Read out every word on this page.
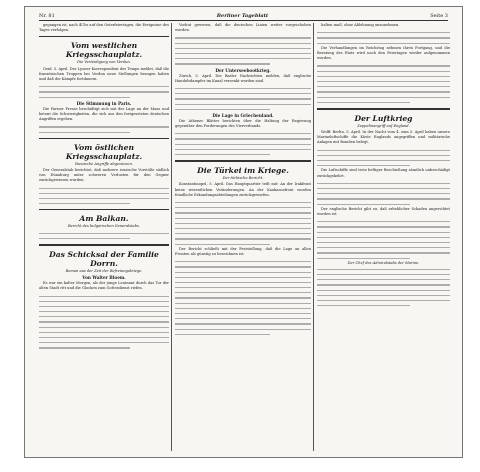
Nr. 81	Berliner Tageblatt	Seite 3

gegangen ist, nach 4Uhr auf den Osterfeiertagen, die Ereignisse des Tages verfolgen.

Vom westlichen Kriegsschauplatz.
Die Verteidigung von Verdun.

Genf, 5. April. Der Lyoner Korrespondent des Temps meldet, daß die französischen Truppen bei Verdun neue Stellungen bezogen haben und daß die Kämpfe fortdauern.

Die Stimmung in Paris.

Die Pariser Presse beschäftigt sich mit der Lage an der Maas und betont die Schwierigkeiten, die sich aus den fortgesetzten deutschen Angriffen ergeben.

Vom östlichen Kriegsschauplatz.
Russische Angriffe abgewiesen.

Der Generalstab berichtet, daß mehrere russische Vorstöße südlich von Dünaburg unter schweren Verlusten für den Gegner zurückgewiesen wurden.

Am Balkan.
Bericht des bulgarischen Generalstabs.
Das Schicksal der Familie Dorrn.
Roman aus der Zeit der Befreiungskriege.
Von Walter Bloem.

Es war ein kalter Morgen, als der junge Leutnant durch das Tor der alten Stadt ritt und die Glocken zum Gottesdienst riefen.

Vorhut gewesen, daß die deutschen Linien weiter vorgeschoben wurden.

Der Unterseebootkrieg.

Zürich, 5. April. Die Basler Nachrichten melden, daß englische Handelsdampfer im Kanal versenkt worden sind.

Die Lage in Griechenland.

Die Athener Blätter berichten über die Haltung der Regierung gegenüber den Forderungen des Vierverbands.

Die Türkei im Kriege.
Der türkische Bericht.

Konstantinopel, 5. April. Das Hauptquartier teilt mit: An der Irakfront keine wesentlichen Veränderungen. An der Kaukasusfront wurden feindliche Erkundungsabteilungen zurückgeworfen.

Der Bericht schließt mit der Feststellung, daß die Lage an allen Fronten als günstig zu bezeichnen ist.

halten muß, ohne Ablehnung anzunehmen.

Die Verhandlungen im Reichstag nehmen ihren Fortgang, und die Beratung des Etats wird nach den Feiertagen wieder aufgenommen werden.

Der Luftkrieg
Zeppelinangriff auf England.

Wolff. Berlin, 5. April. In der Nacht vom 4. zum 5. April haben unsere Marineluftschiffe die Küste Englands angegriffen und militärische Anlagen mit Bomben belegt.

Die Luftschiffe sind trotz heftiger Beschießung sämtlich unbeschädigt zurückgekehrt.

Der englische Bericht gibt zu, daß erheblicher Schaden angerichtet worden ist.

Der Chef des Admiralstabs der Marine.
